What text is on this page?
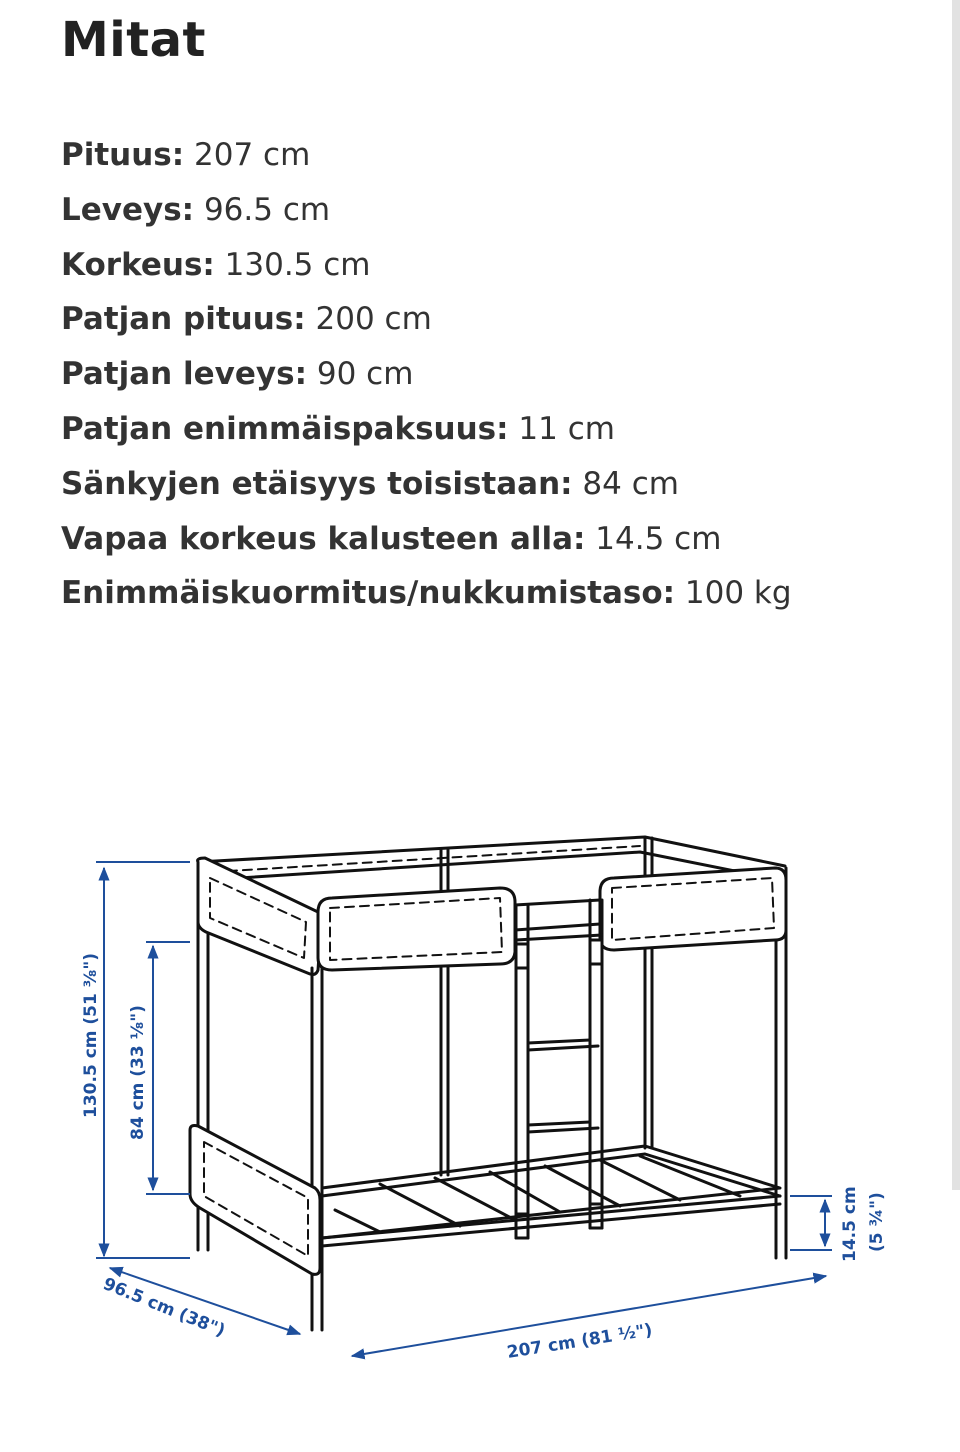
Mitat
Pituus: 207 cm
Leveys: 96.5 cm
Korkeus: 130.5 cm
Patjan pituus: 200 cm
Patjan leveys: 90 cm
Patjan enimmäispaksuus: 11 cm
Sänkyjen etäisyys toisistaan: 84 cm
Vapaa korkeus kalusteen alla: 14.5 cm
Enimmäiskuormitus/nukkumistaso: 100 kg
130.5 cm (51 ⅜") 84 cm (33 ⅛")
14.5 cm (5 ¾")
96.5 cm (38")
207 cm (81 ½")
